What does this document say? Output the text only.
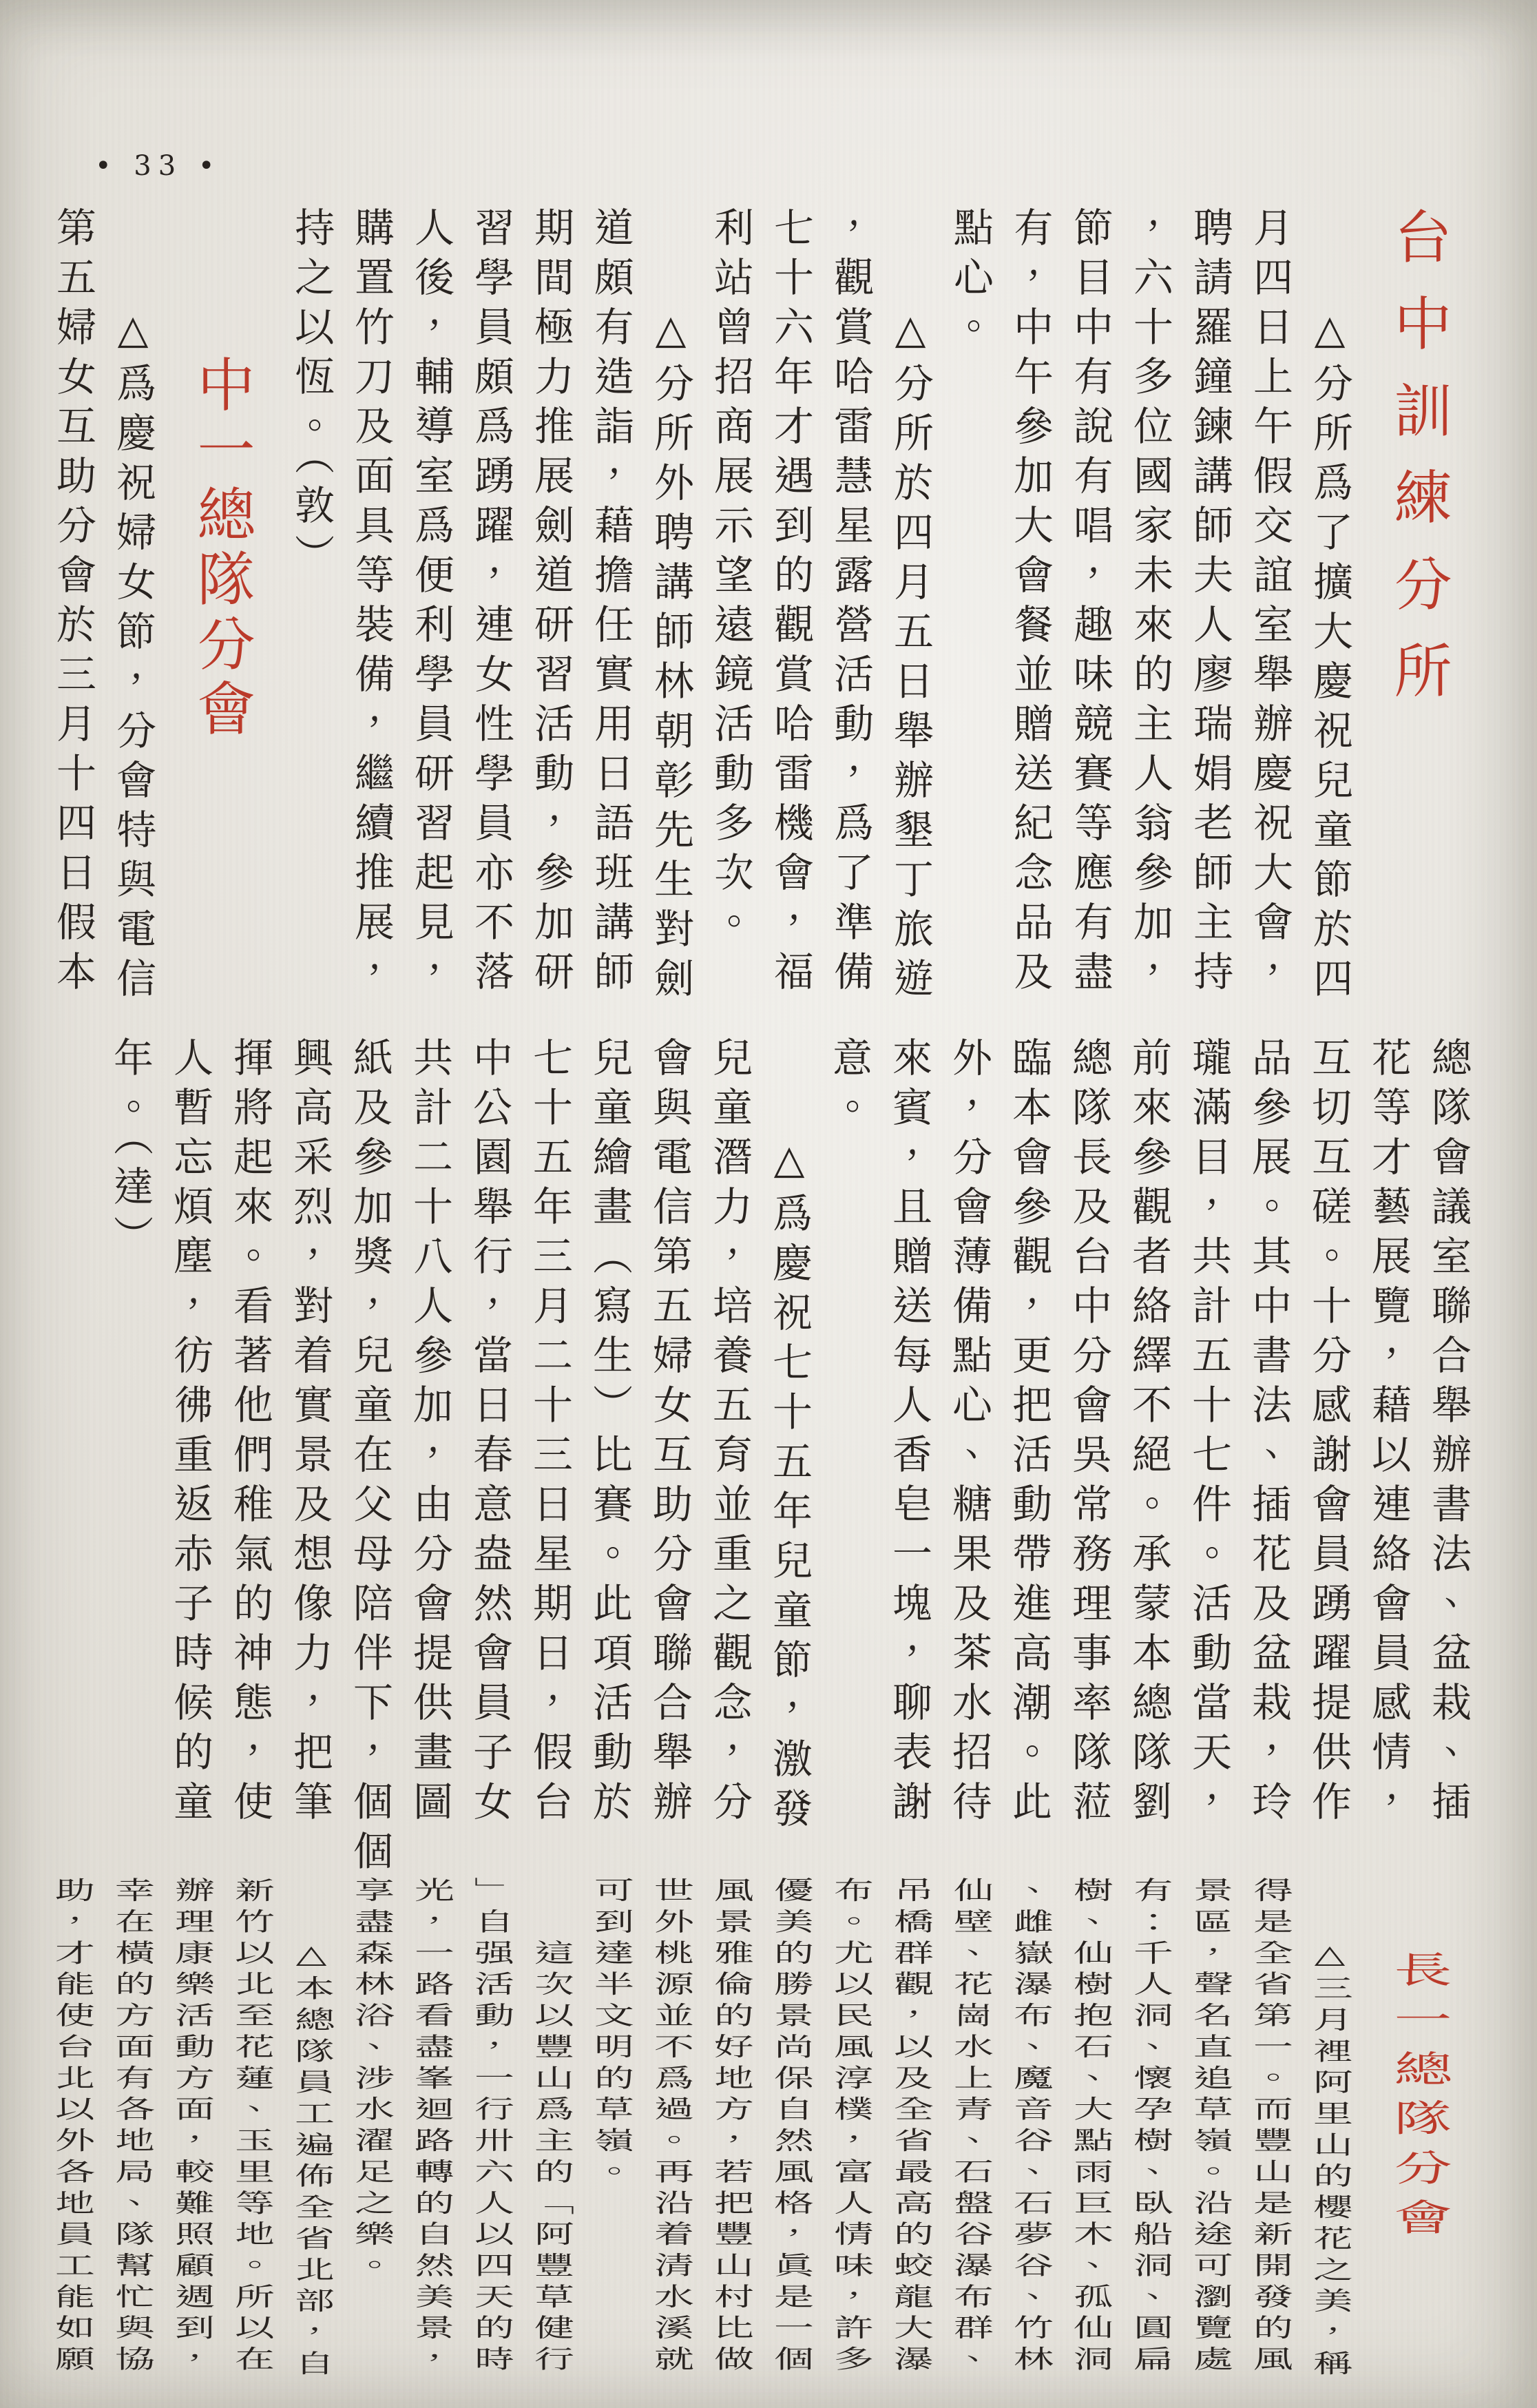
• 33 •
台中訓練分所
△分所爲了擴大慶祝兒童節於四
月四日上午假交誼室舉辦慶祝大會，
聘請羅鐘鍊講師夫人廖瑞娟老師主持
，六十多位國家未來的主人翁參加，
節目中有說有唱，趣味競賽等應有盡
有，中午參加大會餐並贈送紀念品及
點心。
△分所於四月五日舉辦墾丁旅遊
，觀賞哈雷慧星露營活動，爲了準備
七十六年才遇到的觀賞哈雷機會，福
利站曾招商展示望遠鏡活動多次。
△分所外聘講師林朝彰先生對劍
道頗有造詣，藉擔任實用日語班講師
期間極力推展劍道研習活動，參加研
習學員頗爲踴躍，連女性學員亦不落
人後，輔導室爲便利學員研習起見，
購置竹刀及面具等裝備，繼續推展，
持之以恆。（敦）
中一總隊分會
△爲慶祝婦女節，分會特與電信
第五婦女互助分會於三月十四日假本
總隊會議室聯合舉辦書法、盆栽、插
花等才藝展覽，藉以連絡會員感情，
互切互磋。十分感謝會員踴躍提供作
品參展。其中書法、插花及盆栽，玲
瓏滿目，共計五十七件。活動當天，
前來參觀者絡繹不絕。承蒙本總隊劉
總隊長及台中分會吳常務理事率隊蒞
臨本會參觀，更把活動帶進高潮。此
外，分會薄備點心、糖果及茶水招待
來賓，且贈送每人香皂一塊，聊表謝
意。
△爲慶祝七十五年兒童節，激發
兒童潛力，培養五育並重之觀念，分
會與電信第五婦女互助分會聯合舉辦
兒童繪畫（寫生）比賽。此項活動於
七十五年三月二十三日星期日，假台
中公園舉行，當日春意盎然會員子女
共計二十八人參加，由分會提供畫圖
紙及參加獎，兒童在父母陪伴下，個個
興高采烈，對着實景及想像力，把筆
揮將起來。看著他們稚氣的神態，使
人暫忘煩塵，彷彿重返赤子時候的童
年。（達）
長一總隊分會
△三月裡阿里山的櫻花之美，稱
得是全省第一。而豐山是新開發的風
景區，聲名直追草嶺。沿途可瀏覽處
有：千人洞、懷孕樹、臥船洞、圓扁
樹、仙樹抱石、大點雨巨木、孤仙洞
、雌嶽瀑布、魔音谷、石夢谷、竹林
仙壁、花崗水上青、石盤谷瀑布群、
吊橋群觀，以及全省最高的蛟龍大瀑
布。尤以民風淳樸，富人情味，許多
優美的勝景尚保自然風格，眞是一個
風景雅倫的好地方，若把豐山村比做
世外桃源並不爲過。再沿着清水溪就
可到達半文明的草嶺。
這次以豐山爲主的「阿豐草健行
」自强活動，一行卅六人以四天的時
光，一路看盡峯迴路轉的自然美景，
享盡森林浴、涉水濯足之樂。
△本總隊員工遍佈全省北部，自
新竹以北至花蓮、玉里等地。所以在
辦理康樂活動方面，較難照顧週到，
幸在橫的方面有各地局、隊幫忙與協
助，才能使台北以外各地員工能如願
